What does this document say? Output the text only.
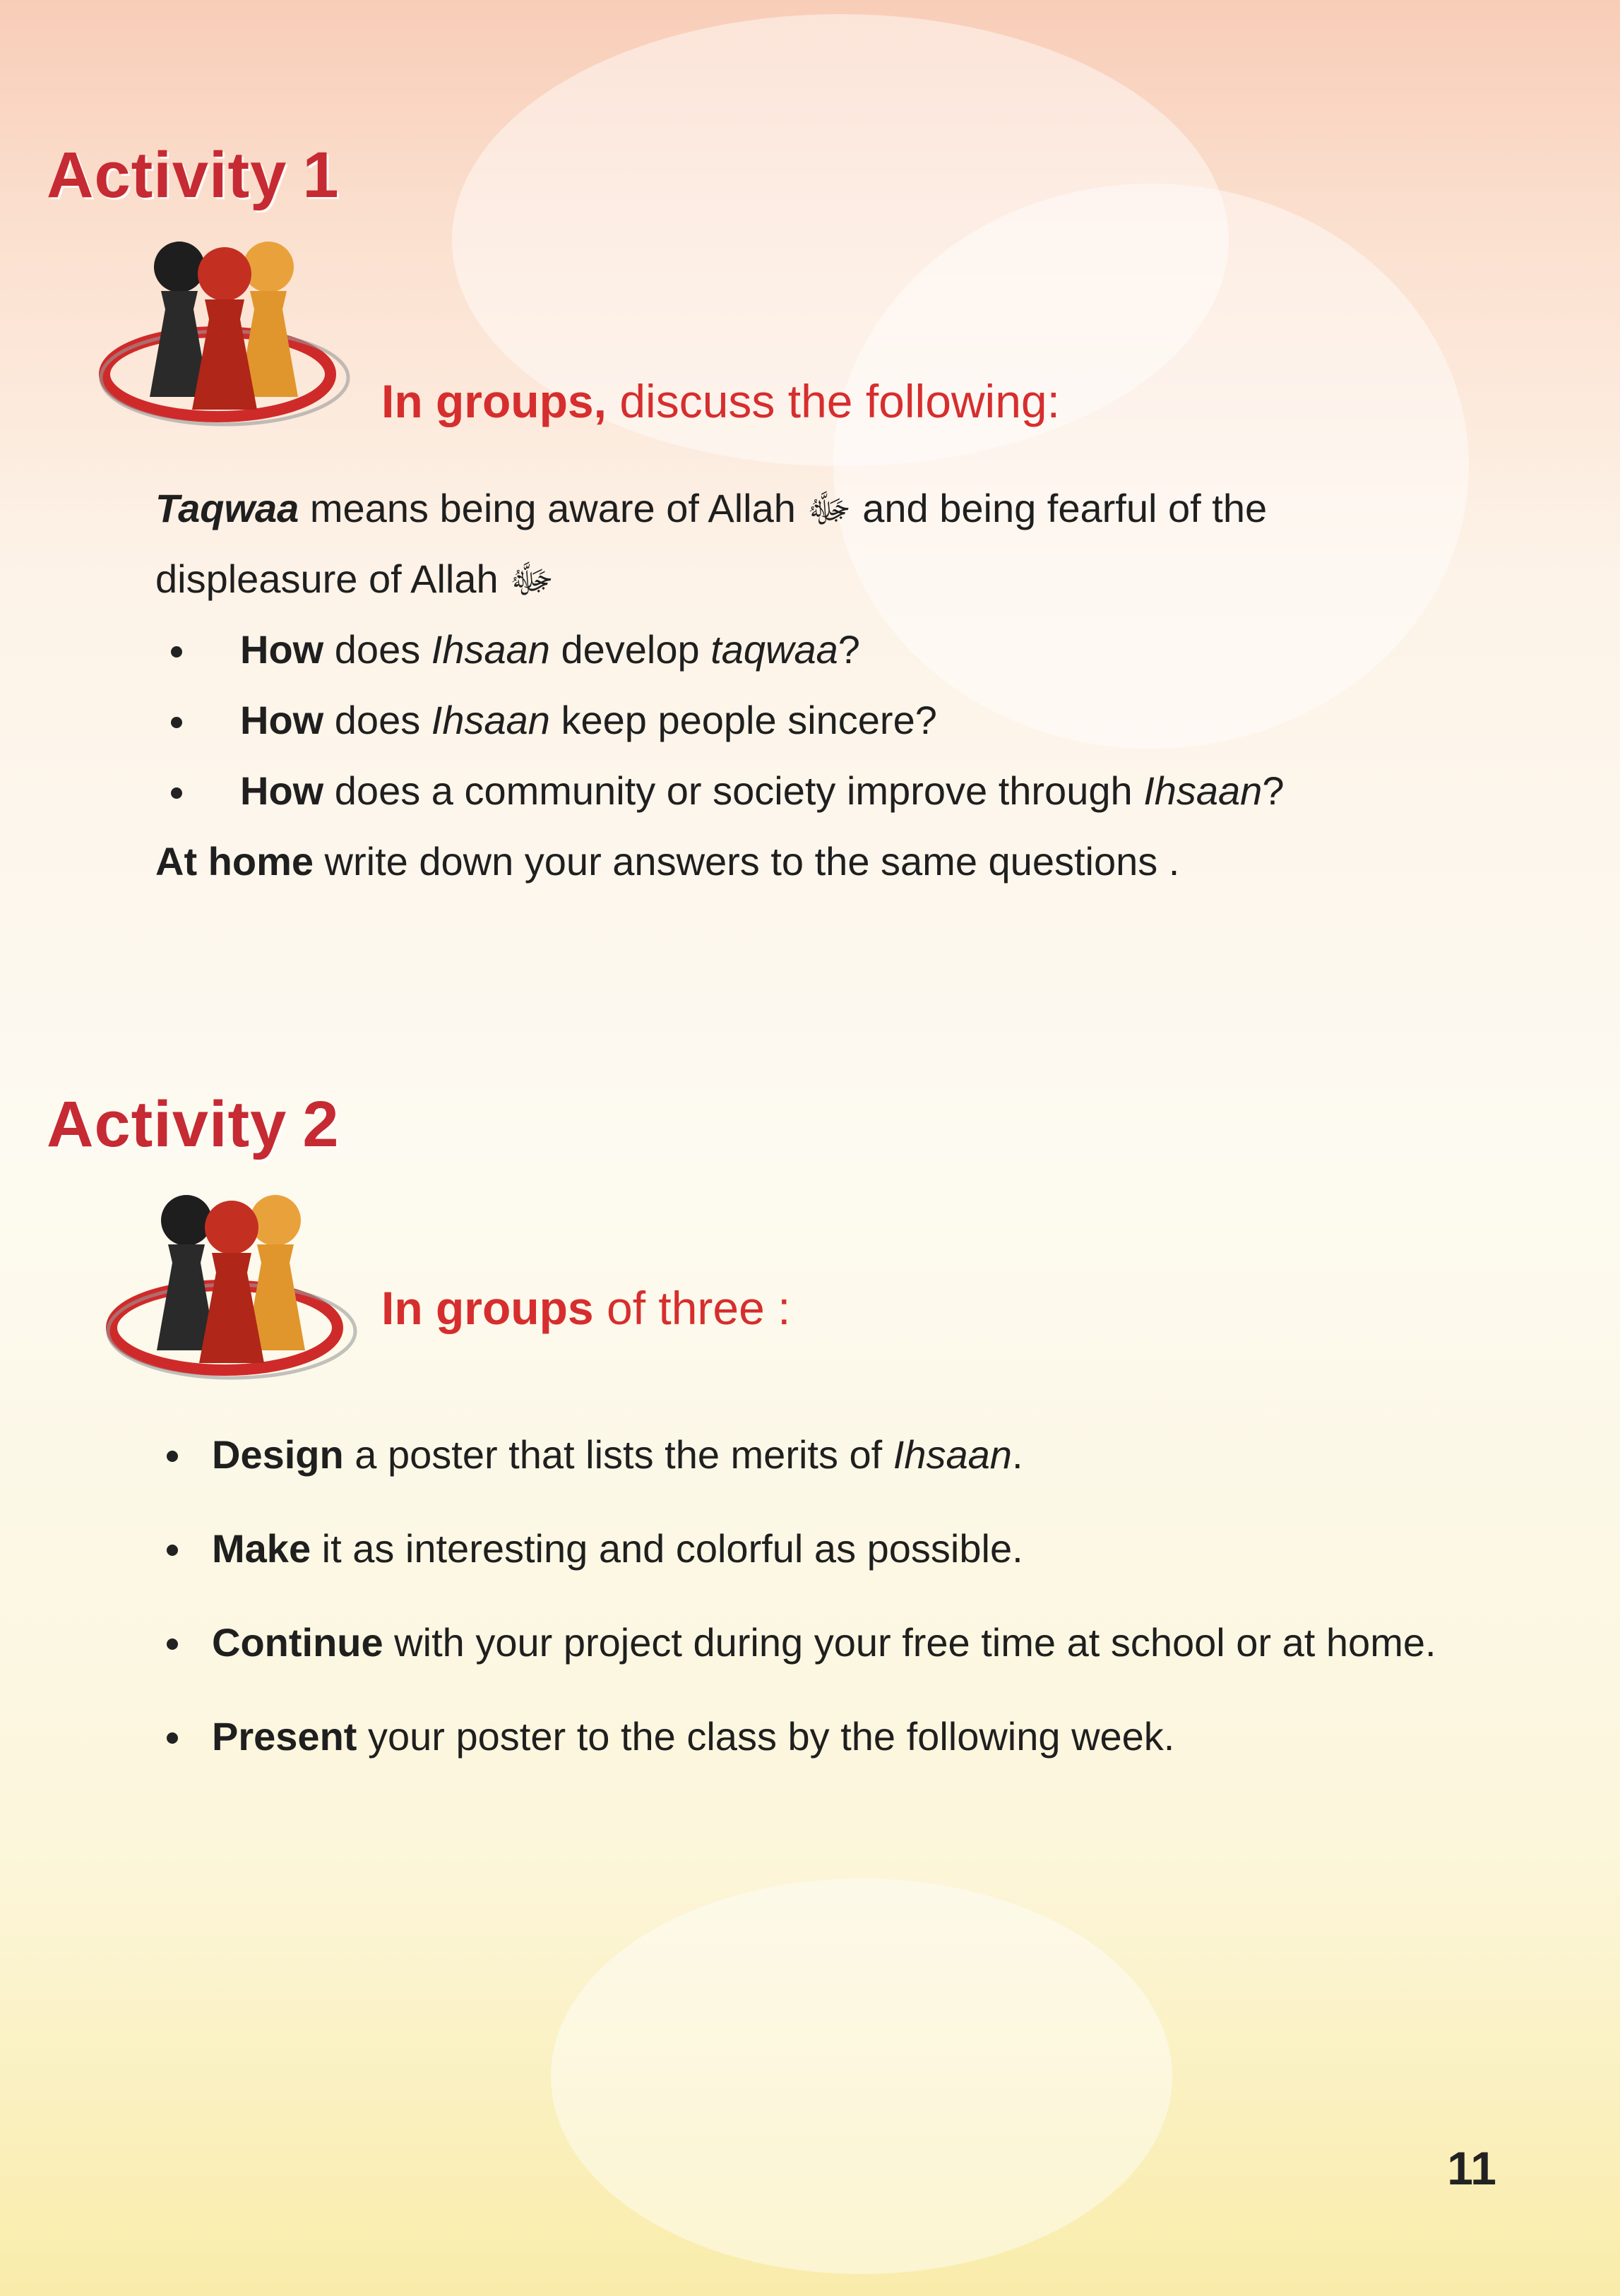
Activity 1

In groups, discuss the following:

Taqwaa means being aware of Allah ﷻ and being fearful of the
displeasure of Allah ﷻ

How does Ihsaan develop taqwaa?
How does Ihsaan keep people sincere?
How does a community or society improve through Ihsaan?

At home write down your answers to the same questions .

Activity 2

In groups of three :

Design a poster that lists the merits of Ihsaan.
Make it as interesting and colorful as possible.
Continue with your project during your free time at school or at home.
Present your poster to the class by the following week.
11
